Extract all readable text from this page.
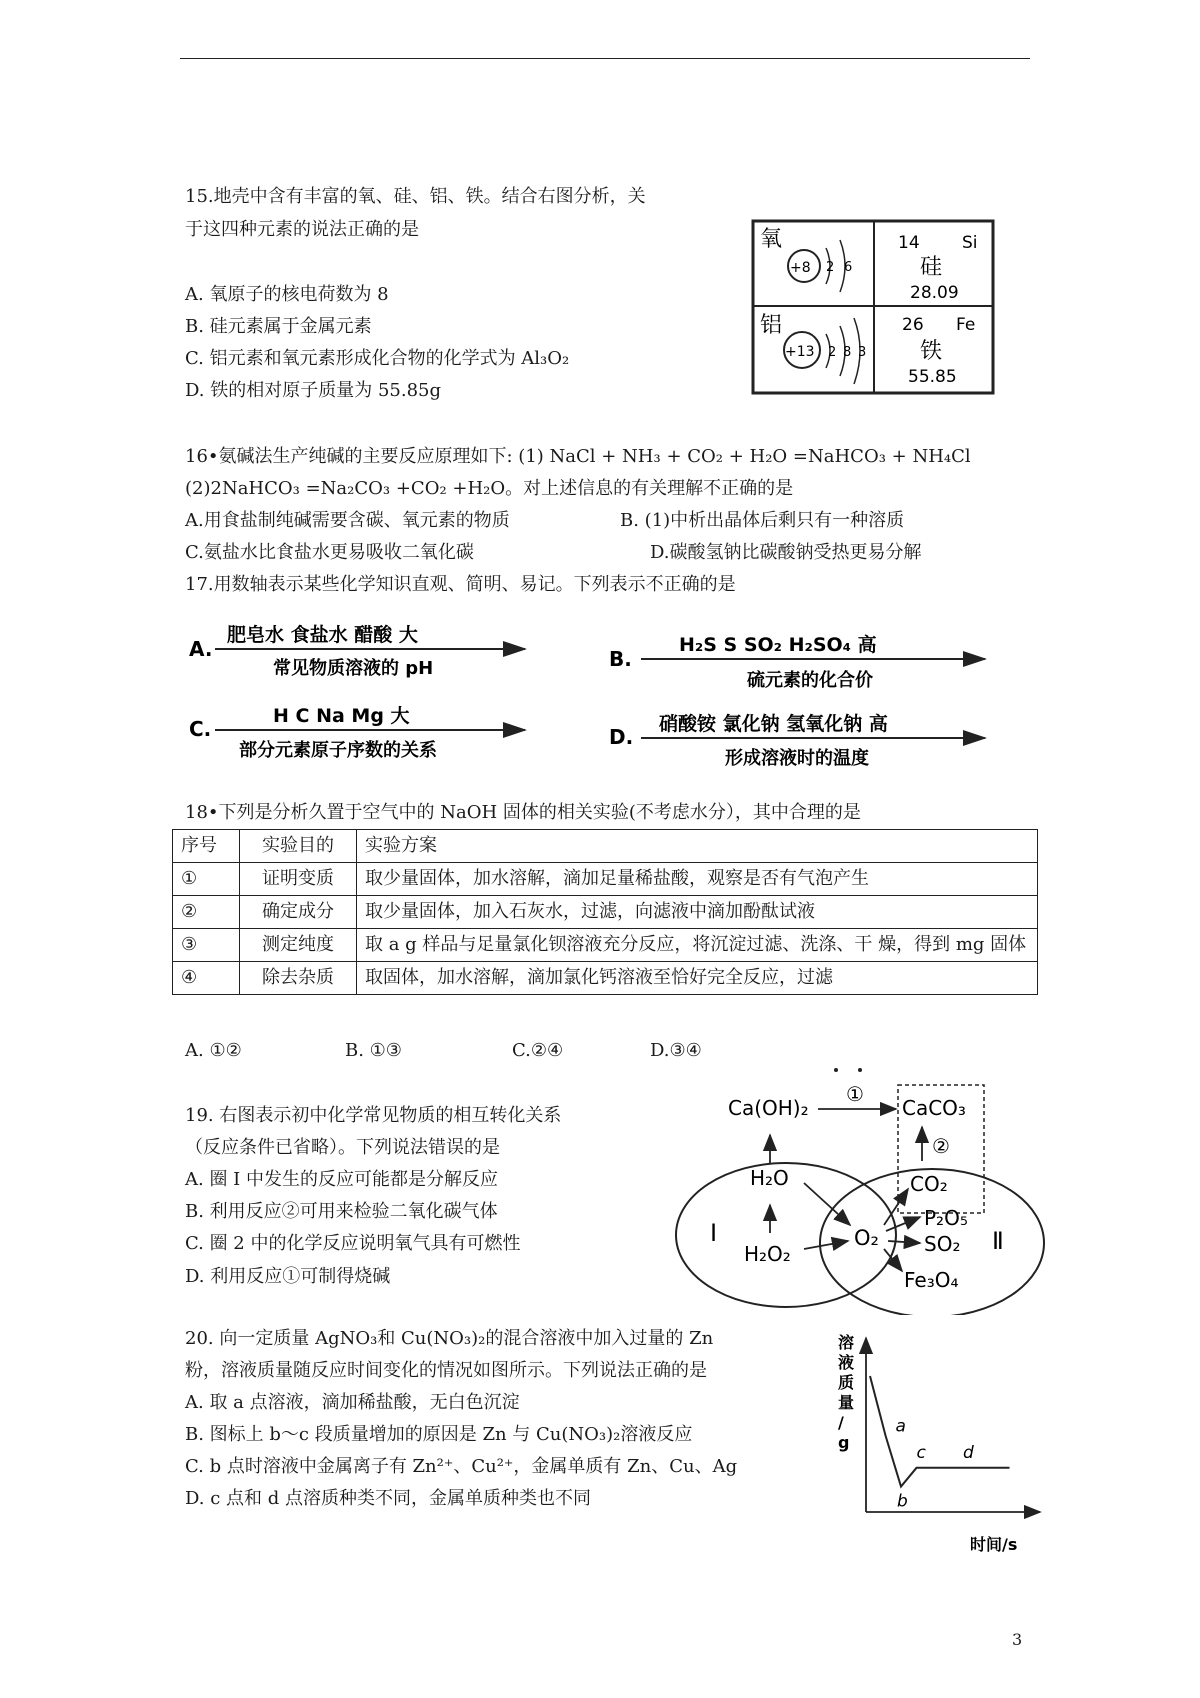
15.地壳中含有丰富的氧、硅、铝、铁。结合右图分析，关
于这四种元素的说法正确的是
A. 氧原子的核电荷数为 8
B. 硅元素属于金属元素
C. 铝元素和氧元素形成化合物的化学式为 Al₃O₂
D. 铁的相对原子质量为 55.85g
氧
+8 2 6
14 Si
硅
28.09
铝
+13 2 8 3
26 Fe
铁
55.85
16•氨碱法生产纯碱的主要反应原理如下: (1) NaCl + NH₃ + CO₂ + H₂O =NaHCO₃ + NH₄Cl
(2)2NaHCO₃ =Na₂CO₃ +CO₂ +H₂O。对上述信息的有关理解不正确的是
A.用食盐制纯碱需要含碳、氧元素的物质	B. (1)中析出晶体后剩只有一种溶质
C.氨盐水比食盐水更易吸收二氧化碳	D.碳酸氢钠比碳酸钠受热更易分解
17.用数轴表示某些化学知识直观、简明、易记。下列表示不正确的是
A.
肥皂水 食盐水 醋酸 大
常见物质溶液的 pH	B.
H₂S S SO₂ H₂SO₄ 高
硫元素的化合价
C.
H C Na Mg 大
部分元素原子序数的关系
D.
硝酸铵 氯化钠 氢氧化钠 高
形成溶液时的温度
18•下列是分析久置于空气中的 NaOH 固体的相关实验(不考虑水分），其中合理的是
序号	实验目的	实验方案
①	证明变质	取少量固体，加水溶解，滴加足量稀盐酸，观察是否有气泡产生
②	确定成分	取少量固体，加入石灰水，过滤，向滤液中滴加酚酞试液
③	测定纯度	取 a g 样品与足量氯化钡溶液充分反应，将沉淀过滤、洗涤、干 燥，得到 mg 固体
④	除去杂质	取固体，加水溶解，滴加氯化钙溶液至恰好完全反应，过滤
A. ①②	B. ①③	C.②④	D.③④
19. 右图表示初中化学常见物质的相互转化关系
（反应条件已省略）。下列说法错误的是
A. 圈 I 中发生的反应可能都是分解反应
B. 利用反应②可用来检验二氧化碳气体
C. 圈 2 中的化学反应说明氧气具有可燃性
D. 利用反应①可制得烧碱
Ca(OH)₂
①
CaCO₃
②
H₂O
H₂O₂
O₂
CO₂
P₂O₅
SO₂
Fe₃O₄
I	Ⅱ
20. 向一定质量 AgNO₃和 Cu(NO₃)₂的混合溶液中加入过量的 Zn
粉，溶液质量随反应时间变化的情况如图所示。下列说法正确的是
A. 取 a 点溶液，滴加稀盐酸，无白色沉淀
B. 图标上 b～c 段质量增加的原因是 Zn 与 Cu(NO₃)₂溶液反应
C. b 点时溶液中金属离子有 Zn²⁺、Cu²⁺，金属单质有 Zn、Cu、Ag
D. c 点和 d 点溶质种类不同，金属单质种类也不同
溶液质量/ g
a
b
c d
时间/s
3
